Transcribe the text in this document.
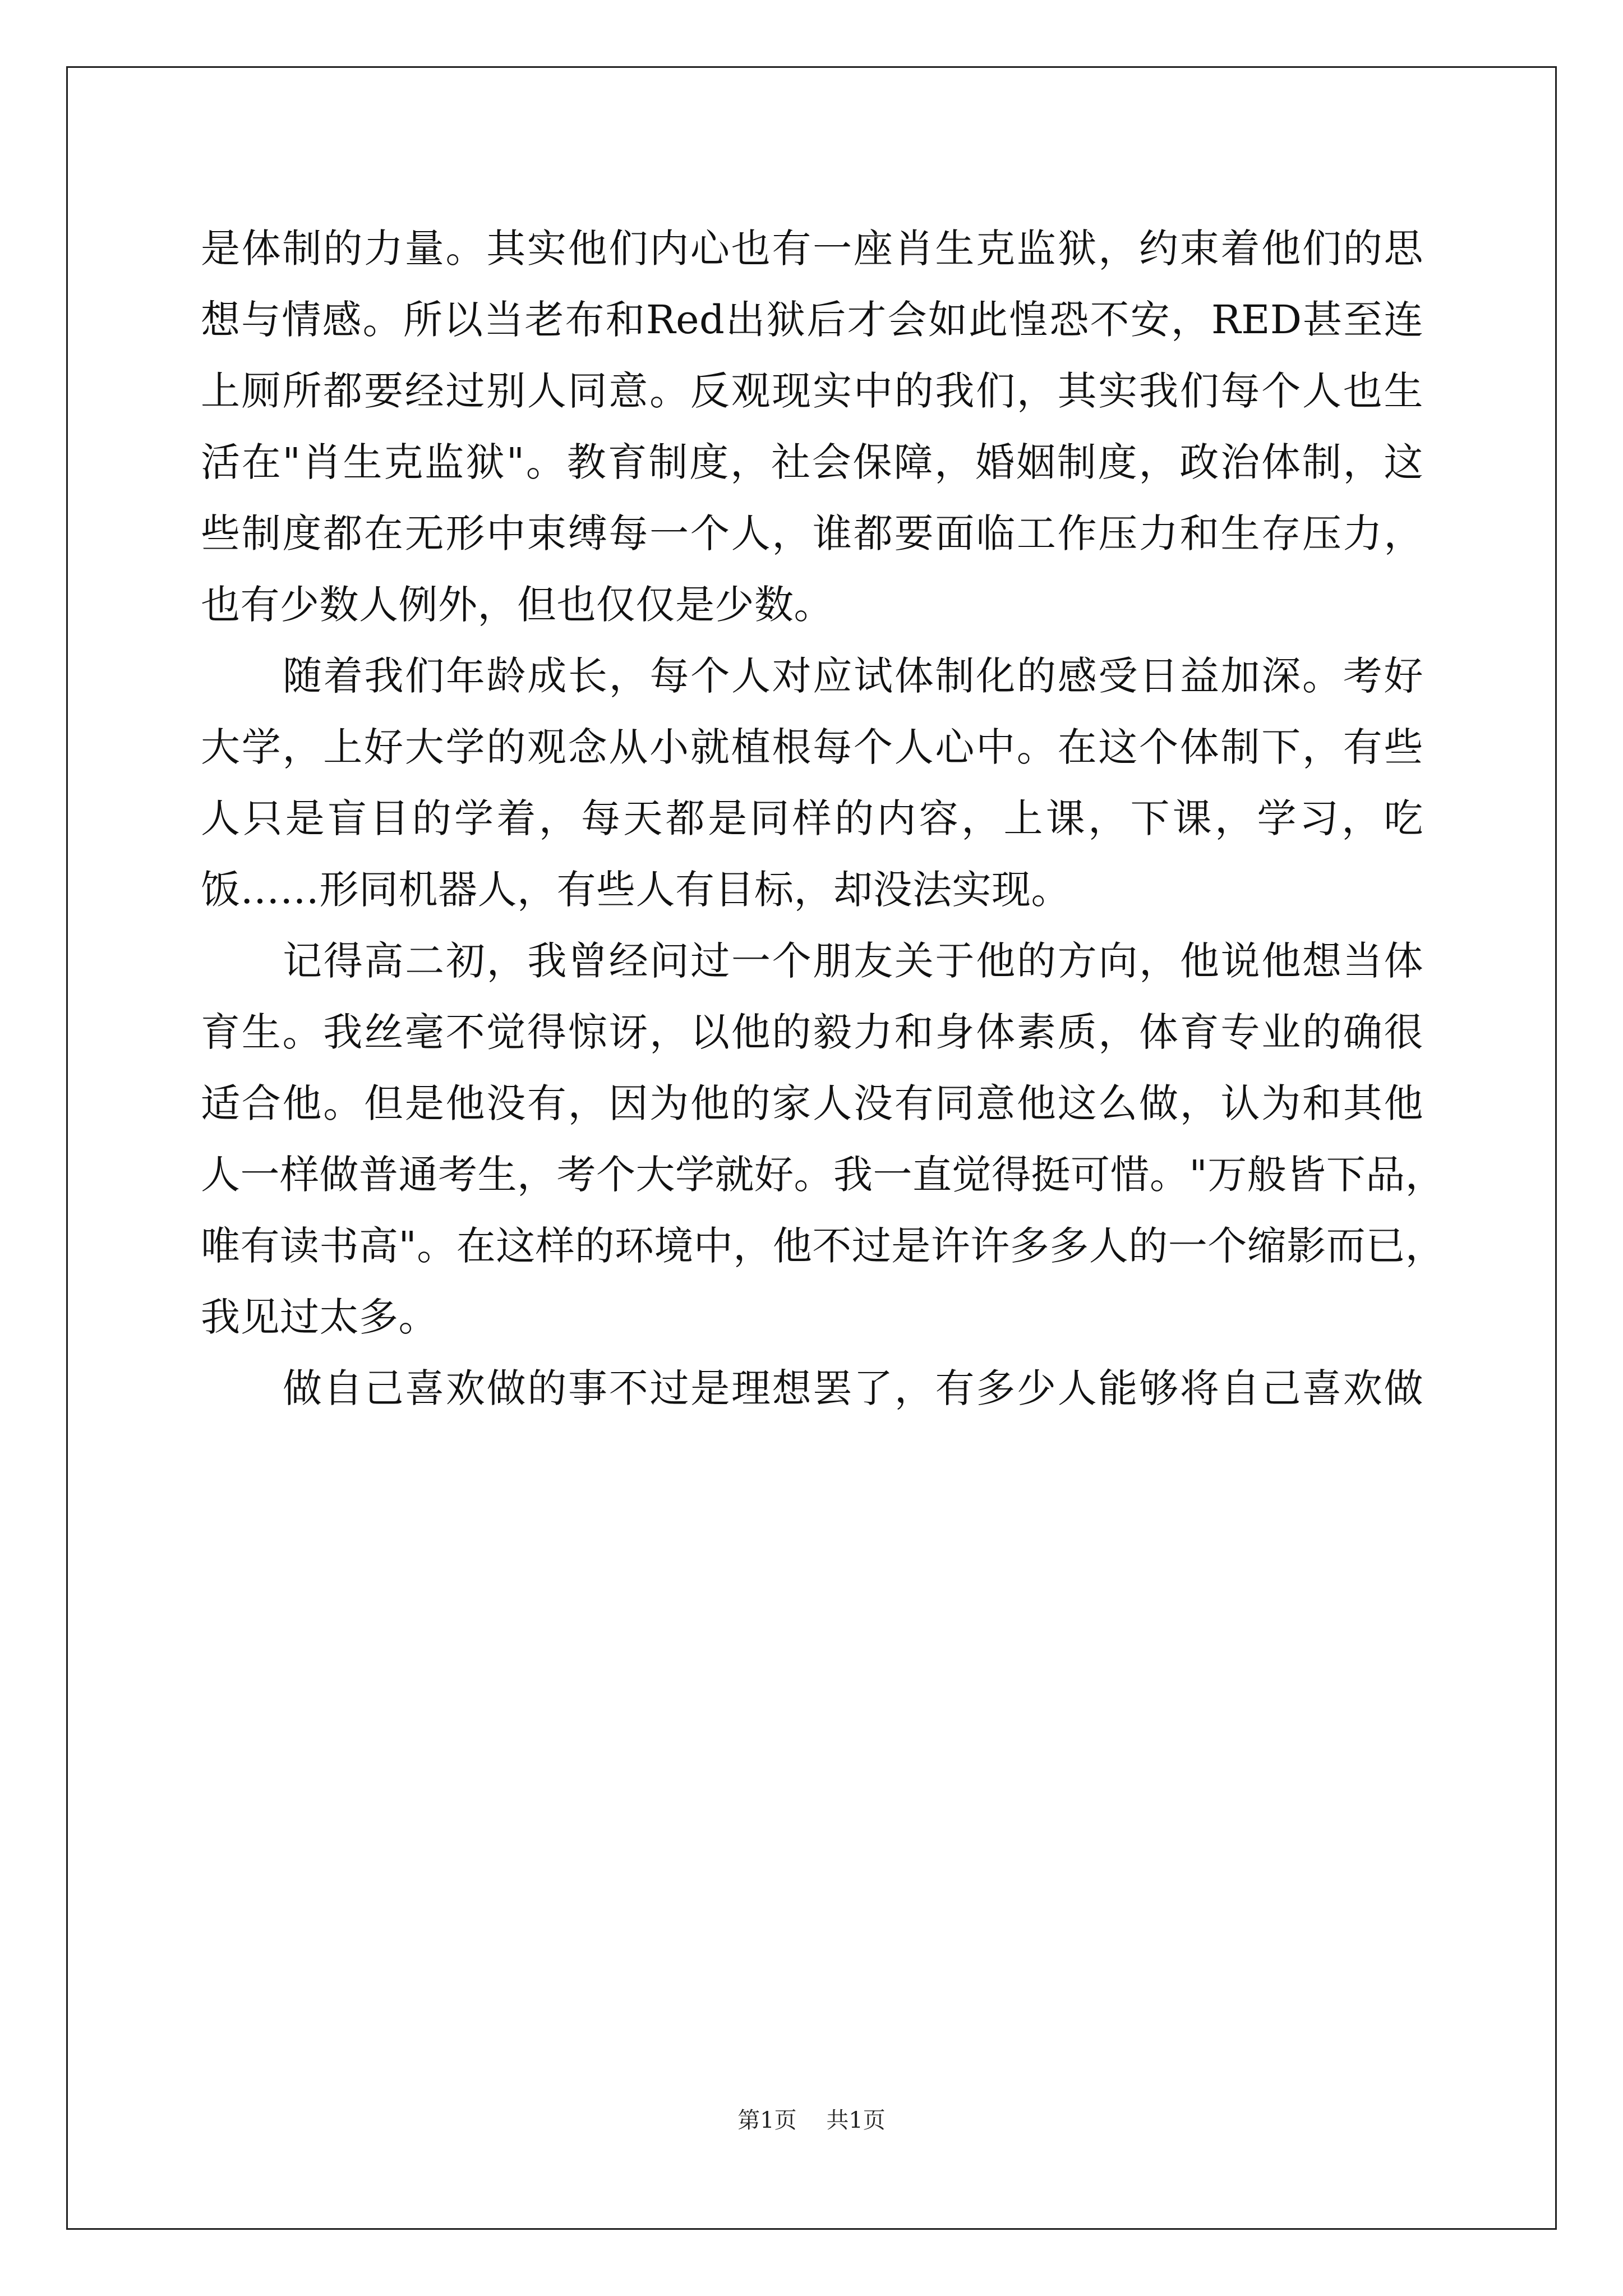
是体制的力量。其实他们内心也有一座肖生克监狱，约束着他们的思
想与情感。所以当老布和Red出狱后才会如此惶恐不安，RED甚至连
上厕所都要经过别人同意。反观现实中的我们，其实我们每个人也生
活在"肖生克监狱"。教育制度，社会保障，婚姻制度，政治体制，这
些制度都在无形中束缚每一个人，谁都要面临工作压力和生存压力，
也有少数人例外，但也仅仅是少数。
随着我们年龄成长，每个人对应试体制化的感受日益加深。考好
大学，上好大学的观念从小就植根每个人心中。在这个体制下，有些
人只是盲目的学着，每天都是同样的内容，上课，下课，学习，吃
饭……形同机器人，有些人有目标，却没法实现。
记得高二初，我曾经问过一个朋友关于他的方向，他说他想当体
育生。我丝毫不觉得惊讶，以他的毅力和身体素质，体育专业的确很
适合他。但是他没有，因为他的家人没有同意他这么做，认为和其他
人一样做普通考生，考个大学就好。我一直觉得挺可惜。"万般皆下品，
唯有读书高"。在这样的环境中，他不过是许许多多人的一个缩影而已，
我见过太多。
做自己喜欢做的事不过是理想罢了，有多少人能够将自己喜欢做
第1页 共1页
